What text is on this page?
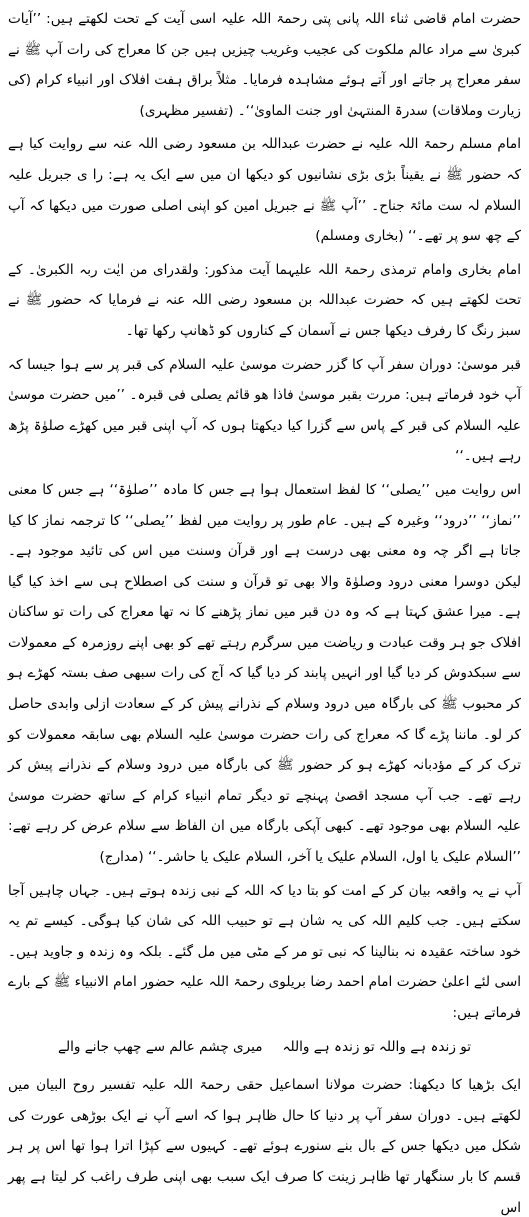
حضرت امام قاضی ثناء اللہ پانی پتی رحمۃ اللہ علیہ اسی آیت کے تحت لکھتے ہیں: ’’آیات کبریٰ سے مراد عالم ملکوت کی عجیب وغریب چیزیں ہیں جن کا معراج کی رات آپ ﷺ نے سفر معراج پر جاتے اور آتے ہوئے مشاہدہ فرمایا۔ مثلاً براق ہفت افلاک اور انبیاء کرام (کی زیارت وملاقات) سدرۃ المنتہیٰ اور جنت الماویٰ‘‘۔ (تفسیر مظہری)

امام مسلم رحمۃ اللہ علیہ نے حضرت عبداللہ بن مسعود رضی اللہ عنہ سے روایت کیا ہے کہ حضور ﷺ نے یقیناً بڑی بڑی نشانیوں کو دیکھا ان میں سے ایک یہ ہے: را ی جبریل علیہ السلام لہ ست مائۃ جناح۔ ’’آپ ﷺ نے جبریل امین کو اپنی اصلی صورت میں دیکھا کہ آپ کے چھ سو پر تھے۔‘‘ (بخاری ومسلم)

امام بخاری وامام ترمذی رحمۃ اللہ علیہما آیت مذکور: ولقدرای من ایٰت ربہ الکبریٰ۔ کے تحت لکھتے ہیں کہ حضرت عبداللہ بن مسعود رضی اللہ عنہ نے فرمایا کہ حضور ﷺ نے سبز رنگ کا رفرف دیکھا جس نے آسمان کے کناروں کو ڈھانپ رکھا تھا۔

قبر موسیٰ: دوران سفر آپ کا گزر حضرت موسیٰ علیہ السلام کی قبر پر سے ہوا جیسا کہ آپ خود فرماتے ہیں: مررت بقبر موسیٰ فاذا ھو قائم یصلی فی قبرہ۔ ’’میں حضرت موسیٰ علیہ السلام کی قبر کے پاس سے گزرا کیا دیکھتا ہوں کہ آپ اپنی قبر میں کھڑے صلوٰۃ پڑھ رہے ہیں۔‘‘

اس روایت میں ’’یصلی‘‘ کا لفظ استعمال ہوا ہے جس کا مادہ ’’صلوٰۃ‘‘ ہے جس کا معنی ’’نماز‘‘ ’’درود‘‘ وغیرہ کے ہیں۔ عام طور پر روایت میں لفظ ’’یصلی‘‘ کا ترجمہ نماز کا کیا جاتا ہے اگر چہ وہ معنی بھی درست ہے اور قرآن وسنت میں اس کی تائید موجود ہے۔ لیکن دوسرا معنی درود وصلوٰۃ والا بھی تو قرآن و سنت کی اصطلاح ہی سے اخذ کیا گیا ہے۔ میرا عشق کہتا ہے کہ وہ دن قبر میں نماز پڑھنے کا نہ تھا معراج کی رات تو ساکنان افلاک جو ہر وقت عبادت و ریاضت میں سرگرم رہتے تھے کو بھی اپنے روزمرہ کے معمولات سے سبکدوش کر دیا گیا اور انہیں پابند کر دیا گیا کہ آج کی رات سبھی صف بستہ کھڑے ہو کر محبوب ﷺ کی بارگاہ میں درود وسلام کے نذرانے پیش کر کے سعادت ازلی وابدی حاصل کر لو۔ ماننا پڑے گا کہ معراج کی رات حضرت موسیٰ علیہ السلام بھی سابقہ معمولات کو ترک کر کے مؤدبانہ کھڑے ہو کر حضور ﷺ کی بارگاہ میں درود وسلام کے نذرانے پیش کر رہے تھے۔ جب آپ مسجد اقصیٰ پہنچے تو دیگر تمام انبیاء کرام کے ساتھ حضرت موسیٰ علیہ السلام بھی موجود تھے۔ کبھی آپکی بارگاہ میں ان الفاظ سے سلام عرض کر رہے تھے: ’’السلام علیک یا اول، السلام علیک یا آخر، السلام علیک یا حاشر۔‘‘ (مدارج)

آپ نے یہ واقعہ بیان کر کے امت کو بتا دیا کہ اللہ کے نبی زندہ ہوتے ہیں۔ جہاں چاہیں آجا سکتے ہیں۔ جب کلیم اللہ کی یہ شان ہے تو حبیب اللہ کی شان کیا ہوگی۔ کیسے تم یہ خود ساختہ عقیدہ نہ بنالینا کہ نبی تو مر کے مٹی میں مل گئے۔ بلکہ وہ زندہ و جاوید ہیں۔ اسی لئے اعلیٰ حضرت امام احمد رضا بریلوی رحمۃ اللہ علیہ حضور امام الانبیاء ﷺ کے بارے فرماتے ہیں:

تو زندہ ہے واللہ تو زندہ ہے واللہ
میری چشم عالم سے چھپ جانے والے

ایک بڑھیا کا دیکھنا: حضرت مولانا اسماعیل حقی رحمۃ اللہ علیہ تفسیر روح البیان میں لکھتے ہیں۔ دوران سفر آپ پر دنیا کا حال ظاہر ہوا کہ اسے آپ نے ایک بوڑھی عورت کی شکل میں دیکھا جس کے بال بنے سنورے ہوئے تھے۔ کہیوں سے کپڑا اترا ہوا تھا اس پر ہر قسم کا بار سنگھار تھا ظاہر زینت کا صرف ایک سبب بھی اپنی طرف راغب کر لیتا ہے پھر اس
